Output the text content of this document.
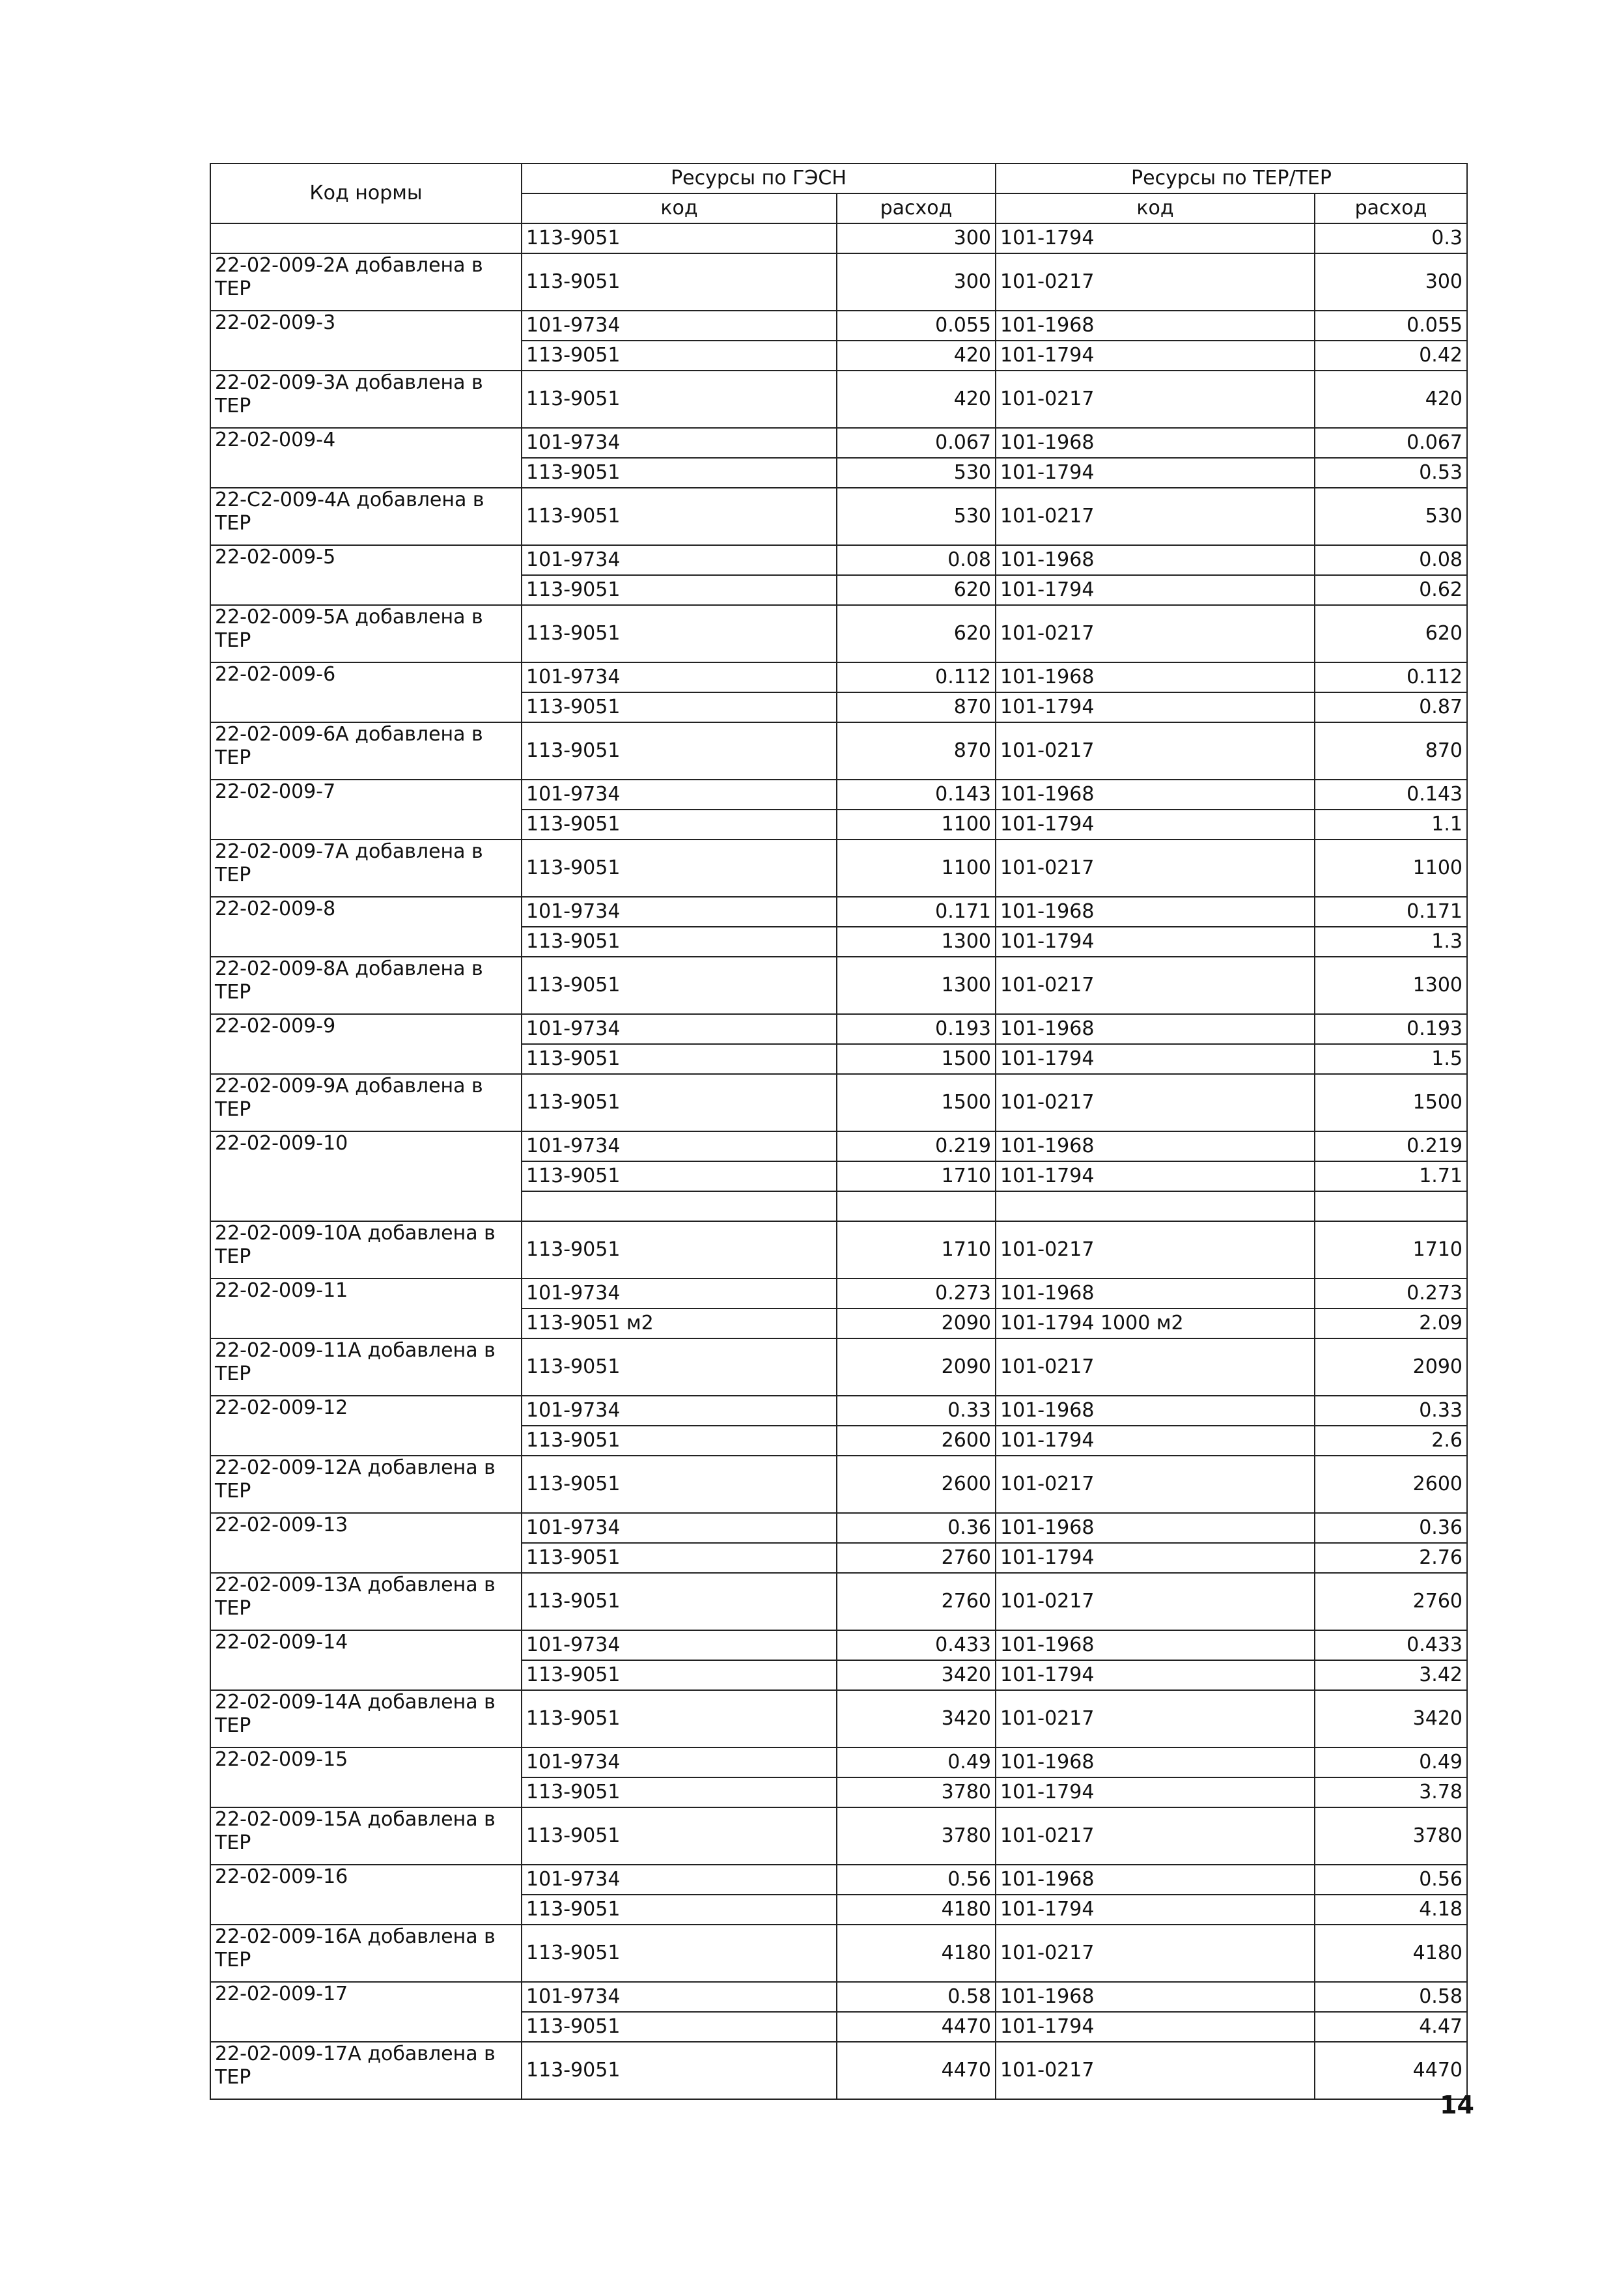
Код нормы	Ресурсы по ГЭСН		Ресурсы по ТЕР/ТЕР	
	код	расход	код	расход
	113-9051	300	101-1794	0.3
22-02-009-2А добавлена в ТЕР	113-9051	300	101-0217	300
22-02-009-3	101-9734	0.055	101-1968	0.055
	113-9051	420	101-1794	0.42
22-02-009-3А добавлена в ТЕР	113-9051	420	101-0217	420
22-02-009-4	101-9734	0.067	101-1968	0.067
	113-9051	530	101-1794	0.53
22-С2-009-4А добавлена в ТЕР	113-9051	530	101-0217	530
22-02-009-5	101-9734	0.08	101-1968	0.08
	113-9051	620	101-1794	0.62
22-02-009-5А добавлена в ТЕР	113-9051	620	101-0217	620
22-02-009-6	101-9734	0.112	101-1968	0.112
	113-9051	870	101-1794	0.87
22-02-009-6А добавлена в ТЕР	113-9051	870	101-0217	870
22-02-009-7	101-9734	0.143	101-1968	0.143
	113-9051	1100	101-1794	1.1
22-02-009-7А добавлена в ТЕР	113-9051	1100	101-0217	1100
22-02-009-8	101-9734	0.171	101-1968	0.171
	113-9051	1300	101-1794	1.3
22-02-009-8А добавлена в ТЕР	113-9051	1300	101-0217	1300
22-02-009-9	101-9734	0.193	101-1968	0.193
	113-9051	1500	101-1794	1.5
22-02-009-9А добавлена в ТЕР	113-9051	1500	101-0217	1500
22-02-009-10	101-9734	0.219	101-1968	0.219
	113-9051	1710	101-1794	1.71

22-02-009-10А добавлена в ТЕР	113-9051	1710	101-0217	1710
22-02-009-11	101-9734	0.273	101-1968	0.273
	113-9051 м2	2090	101-1794 1000 м2	2.09
22-02-009-11А добавлена в ТЕР	113-9051	2090	101-0217	2090
22-02-009-12	101-9734	0.33	101-1968	0.33
	113-9051	2600	101-1794	2.6
22-02-009-12А добавлена в ТЕР	113-9051	2600	101-0217	2600
22-02-009-13	101-9734	0.36	101-1968	0.36
	113-9051	2760	101-1794	2.76
22-02-009-13А добавлена в ТЕР	113-9051	2760	101-0217	2760
22-02-009-14	101-9734	0.433	101-1968	0.433
	113-9051	3420	101-1794	3.42
22-02-009-14А добавлена в ТЕР	113-9051	3420	101-0217	3420
22-02-009-15	101-9734	0.49	101-1968	0.49
	113-9051	3780	101-1794	3.78
22-02-009-15А добавлена в ТЕР	113-9051	3780	101-0217	3780
22-02-009-16	101-9734	0.56	101-1968	0.56
	113-9051	4180	101-1794	4.18
22-02-009-16А добавлена в ТЕР	113-9051	4180	101-0217	4180
22-02-009-17	101-9734	0.58	101-1968	0.58
	113-9051	4470	101-1794	4.47
22-02-009-17А добавлена в ТЕР	113-9051	4470	101-0217	4470
14
